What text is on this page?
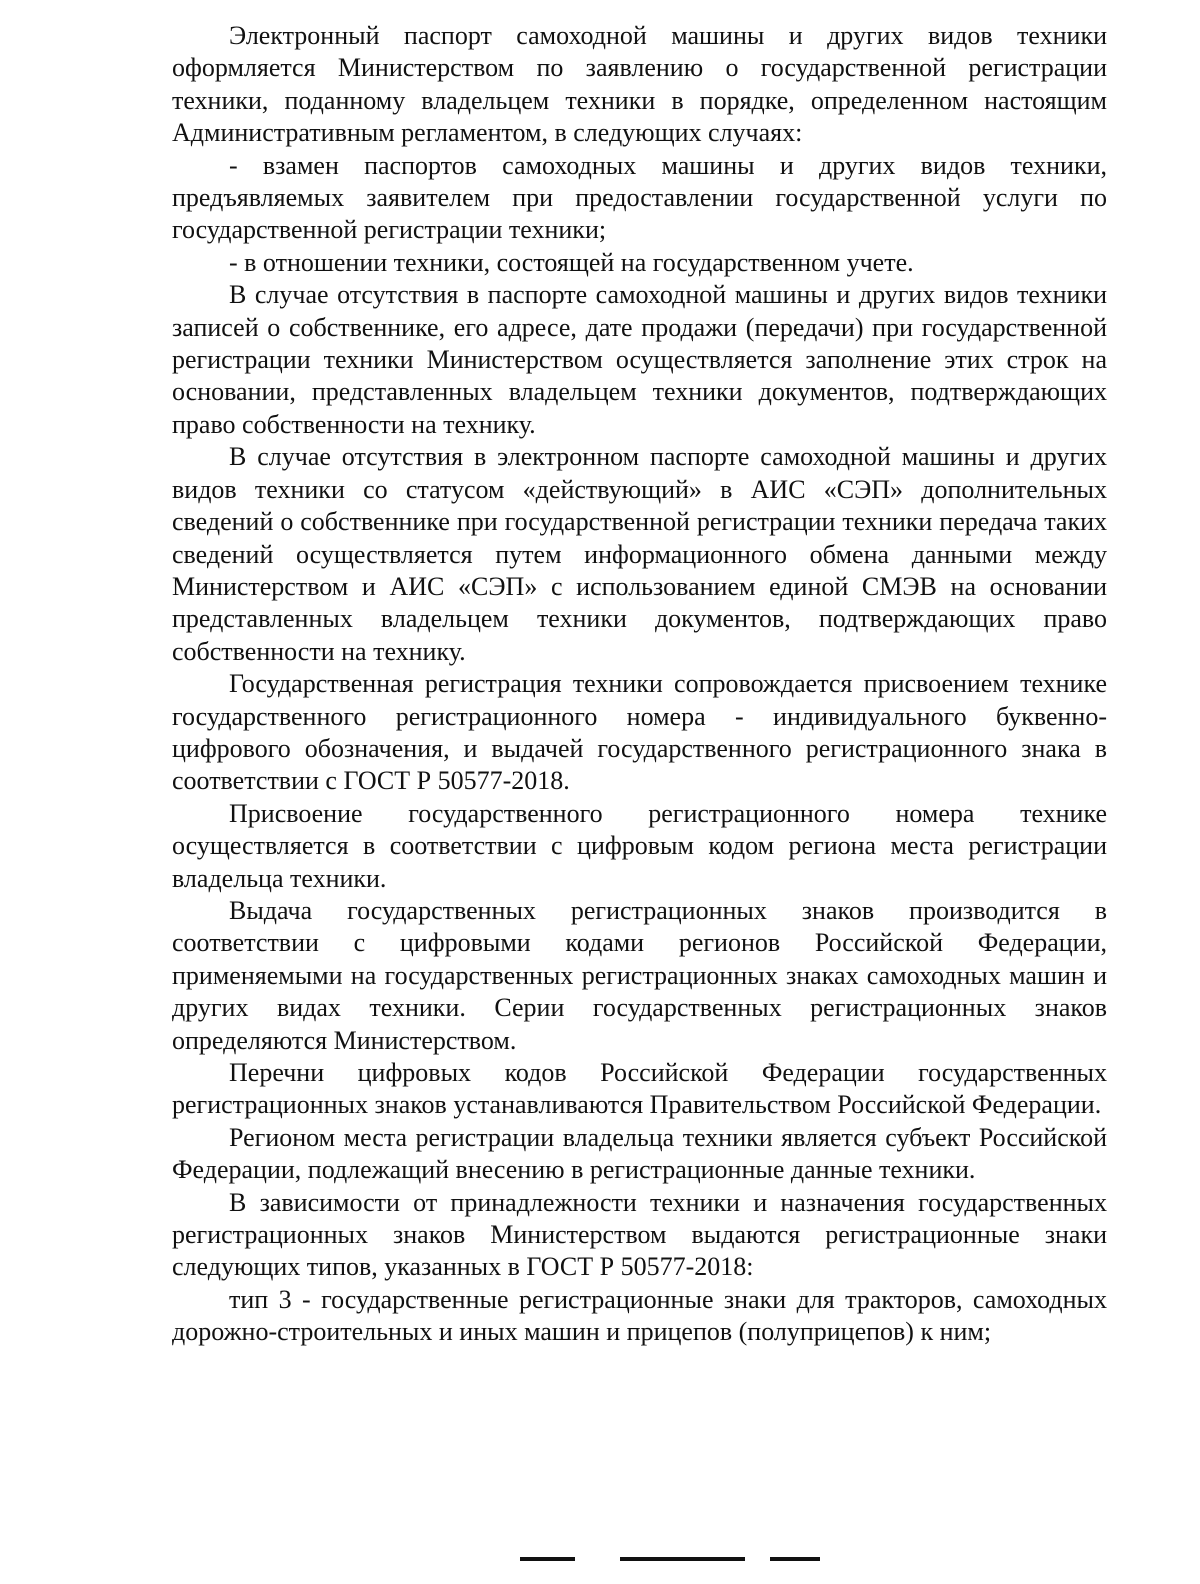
Электронный паспорт самоходной машины и других видов техники оформляется Министерством по заявлению о государственной регистрации техники, поданному владельцем техники в порядке, определенном настоящим Административным регламентом, в следующих случаях:

- взамен паспортов самоходных машины и других видов техники, предъявляемых заявителем при предоставлении государственной услуги по государственной регистрации техники;

- в отношении техники, состоящей на государственном учете.

В случае отсутствия в паспорте самоходной машины и других видов техники записей о собственнике, его адресе, дате продажи (передачи) при государственной регистрации техники Министерством осуществляется заполнение этих строк на основании, представленных владельцем техники документов, подтверждающих право собственности на технику.

В случае отсутствия в электронном паспорте самоходной машины и других видов техники со статусом «действующий» в АИС «СЭП» дополнительных сведений о собственнике при государственной регистрации техники передача таких сведений осуществляется путем информационного обмена данными между Министерством и АИС «СЭП» с использованием единой СМЭВ на основании представленных владельцем техники документов, подтверждающих право собственности на технику.

Государственная регистрация техники сопровождается присвоением технике государственного регистрационного номера - индивидуального буквенно-цифрового обозначения, и выдачей государственного регистрационного знака в соответствии с ГОСТ Р 50577-2018.

Присвоение государственного регистрационного номера технике осуществляется в соответствии с цифровым кодом региона места регистрации владельца техники.

Выдача государственных регистрационных знаков производится в соответствии с цифровыми кодами регионов Российской Федерации, применяемыми на государственных регистрационных знаках самоходных машин и других видах техники. Серии государственных регистрационных знаков определяются Министерством.

Перечни цифровых кодов Российской Федерации государственных регистрационных знаков устанавливаются Правительством Российской Федерации.

Регионом места регистрации владельца техники является субъект Российской Федерации, подлежащий внесению в регистрационные данные техники.

В зависимости от принадлежности техники и назначения государственных регистрационных знаков Министерством выдаются регистрационные знаки следующих типов, указанных в ГОСТ Р 50577-2018:

тип 3 - государственные регистрационные знаки для тракторов, самоходных дорожно-строительных и иных машин и прицепов (полуприцепов) к ним;
